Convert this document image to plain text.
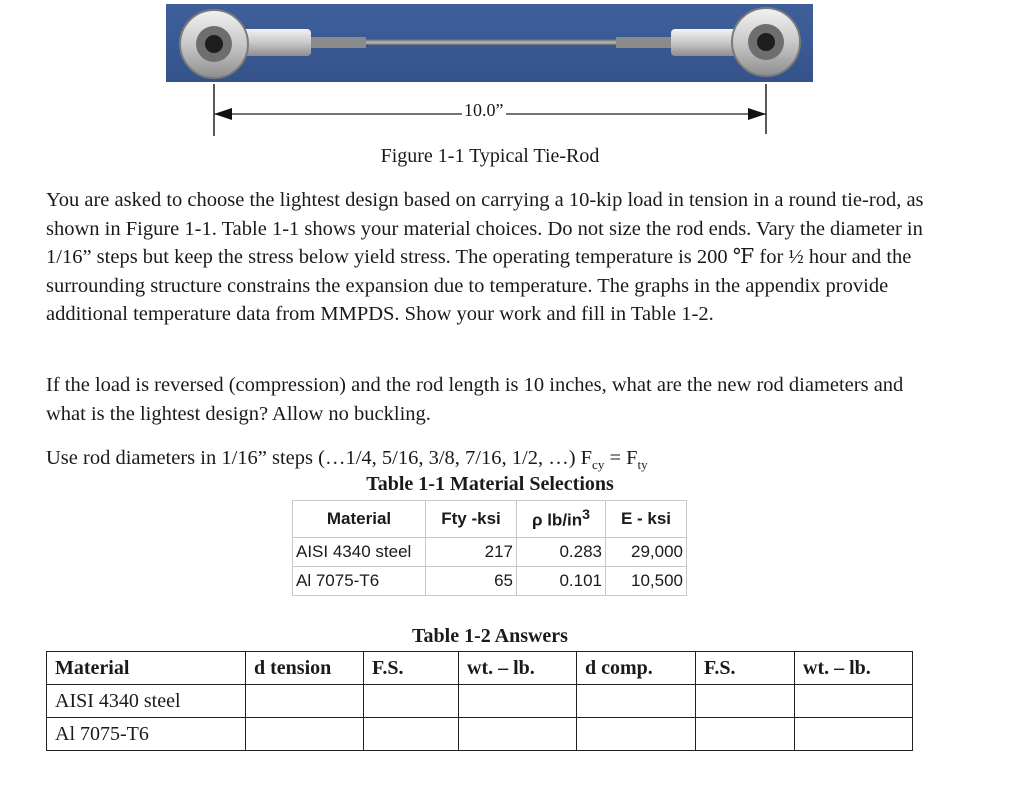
10.0”
Figure 1-1 Typical Tie-Rod

You are asked to choose the lightest design based on carrying a 10-kip load in tension in a round tie-rod, as shown in Figure 1-1. Table 1-1 shows your material choices. Do not size the rod ends. Vary the diameter in 1/16” steps but keep the stress below yield stress. The operating temperature is 200 ℉ for ½ hour and the surrounding structure constrains the expansion due to temperature. The graphs in the appendix provide additional temperature data from MMPDS. Show your work and fill in Table 1-2.

If the load is reversed (compression) and the rod length is 10 inches, what are the new rod diameters and what is the lightest design? Allow no buckling.

Use rod diameters in 1/16” steps (…1/4, 5/16, 3/8, 7/16, 1/2, …) $F_{cy} = F_{ty}$

Table 1-1 Material Selections
Material	Fty -ksi	ρ $lb/in^3$	E - ksi
AISI 4340 steel	217	0.283	29,000
Al 7075-T6	65	0.101	10,500
Table 1-2 Answers
Material	d tension	F.S.	wt. – lb.	d comp.	F.S.	wt. – lb.
AISI 4340 steel						
Al 7075-T6						
